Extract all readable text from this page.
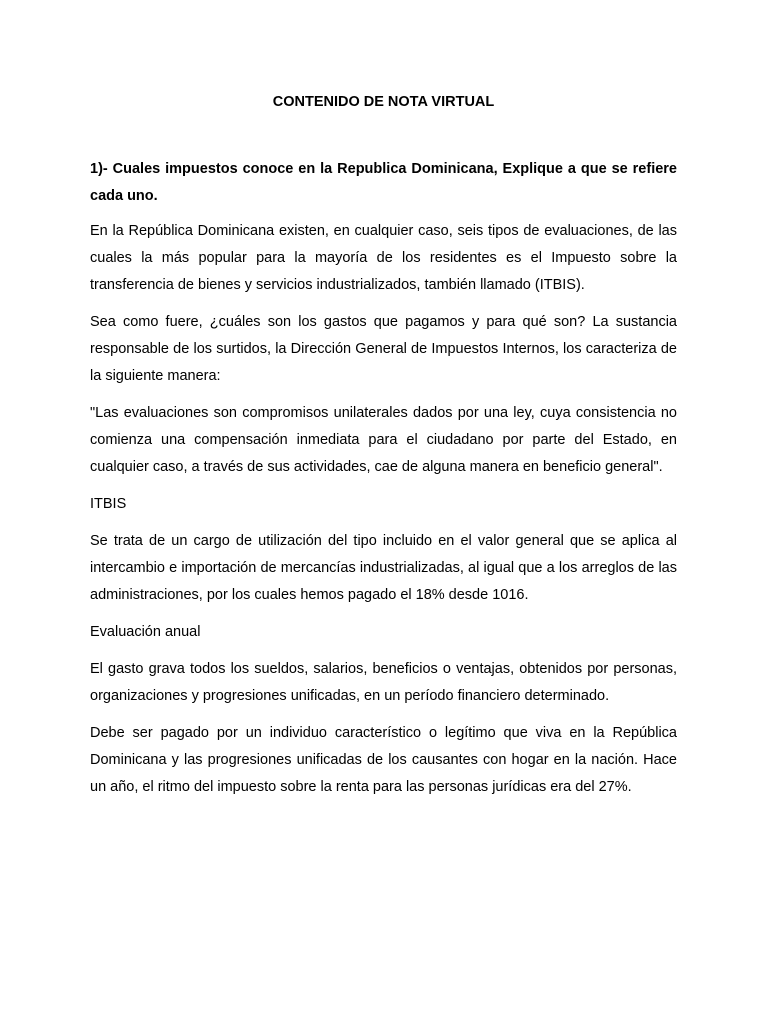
CONTENIDO DE NOTA VIRTUAL
1)- Cuales impuestos conoce en la Republica Dominicana, Explique a que se refiere cada uno.

En la República Dominicana existen, en cualquier caso, seis tipos de evaluaciones, de las cuales la más popular para la mayoría de los residentes es el Impuesto sobre la transferencia de bienes y servicios industrializados, también llamado (ITBIS).

Sea como fuere, ¿cuáles son los gastos que pagamos y para qué son? La sustancia responsable de los surtidos, la Dirección General de Impuestos Internos, los caracteriza de la siguiente manera:

"Las evaluaciones son compromisos unilaterales dados por una ley, cuya consistencia no comienza una compensación inmediata para el ciudadano por parte del Estado, en cualquier caso, a través de sus actividades, cae de alguna manera en beneficio general".

ITBIS

Se trata de un cargo de utilización del tipo incluido en el valor general que se aplica al intercambio e importación de mercancías industrializadas, al igual que a los arreglos de las administraciones, por los cuales hemos pagado el 18% desde 1016.

Evaluación anual

El gasto grava todos los sueldos, salarios, beneficios o ventajas, obtenidos por personas, organizaciones y progresiones unificadas, en un período financiero determinado.

Debe ser pagado por un individuo característico o legítimo que viva en la República Dominicana y las progresiones unificadas de los causantes con hogar en la nación. Hace un año, el ritmo del impuesto sobre la renta para las personas jurídicas era del 27%.
